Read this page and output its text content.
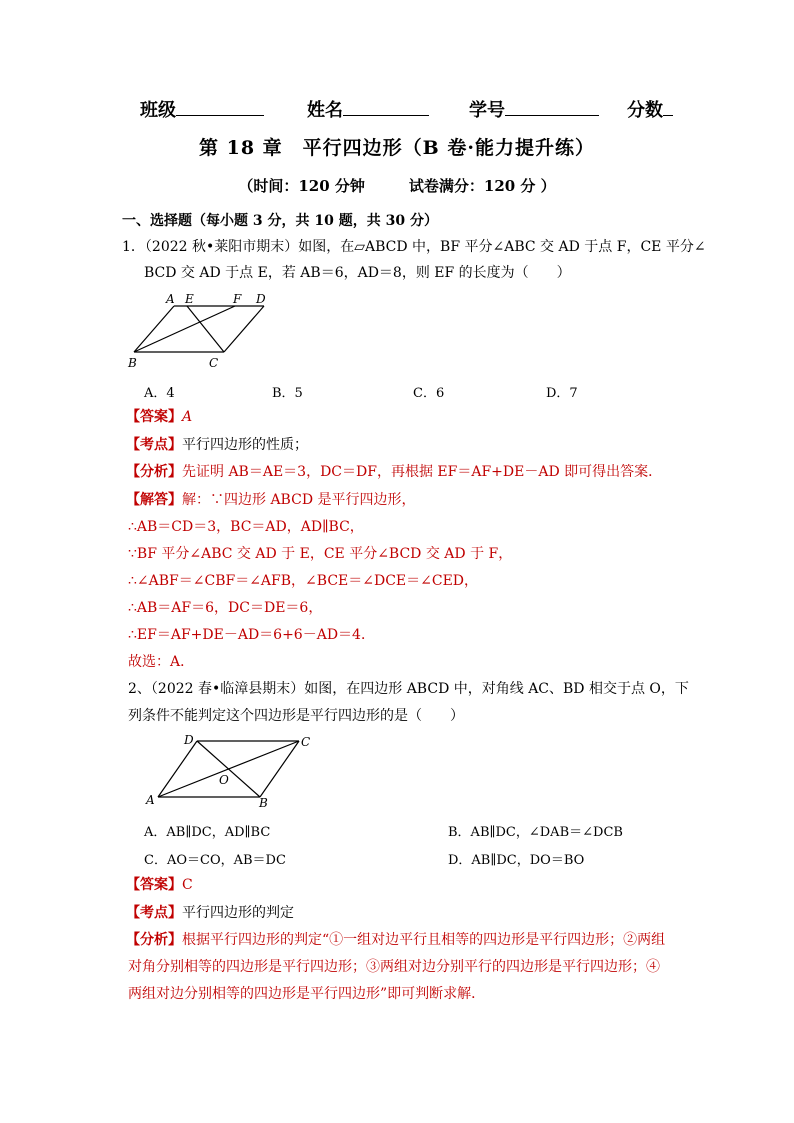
班级	姓名	学号	分数
第 18 章　平行四边形（B 卷·能力提升练）
（时间：120 分钟	试卷满分：120 分 ）
一、选择题（每小题 3 分，共 10 题，共 30 分）
1．（2022 秋•莱阳市期末）如图，在▱ABCD 中，BF 平分∠ABC 交 AD 于点 F，CE 平分∠
BCD 交 AD 于点 E，若 AB＝6，AD＝8，则 EF 的长度为（　　）
A E	F D
B	C
A．4	B．5	C．6	D．7
【答案】A
【考点】平行四边形的性质；
【分析】先证明 AB＝AE＝3，DC＝DF，再根据 EF＝AF+DE－AD 即可得出答案．
【解答】解：∵四边形 ABCD 是平行四边形，
∴AB＝CD＝3，BC＝AD，AD∥BC，
∵BF 平分∠ABC 交 AD 于 E，CE 平分∠BCD 交 AD 于 F，
∴∠ABF＝∠CBF＝∠AFB，∠BCE＝∠DCE＝∠CED，
∴AB＝AF＝6，DC＝DE＝6，
∴EF＝AF+DE－AD＝6+6－AD＝4．
故选：A．
2、（2022 春•临漳县期末）如图，在四边形 ABCD 中，对角线 AC、BD 相交于点 O，下
列条件不能判定这个四边形是平行四边形的是（　　）
D	C
O
A	B
A．AB∥DC，AD∥BC	B．AB∥DC，∠DAB＝∠DCB
C．AO＝CO，AB＝DC	D．AB∥DC，DO＝BO
【答案】C
【考点】平行四边形的判定
【分析】根据平行四边形的判定“①一组对边平行且相等的四边形是平行四边形；②两组
对角分别相等的四边形是平行四边形；③两组对边分别平行的四边形是平行四边形；④
两组对边分别相等的四边形是平行四边形”即可判断求解．
